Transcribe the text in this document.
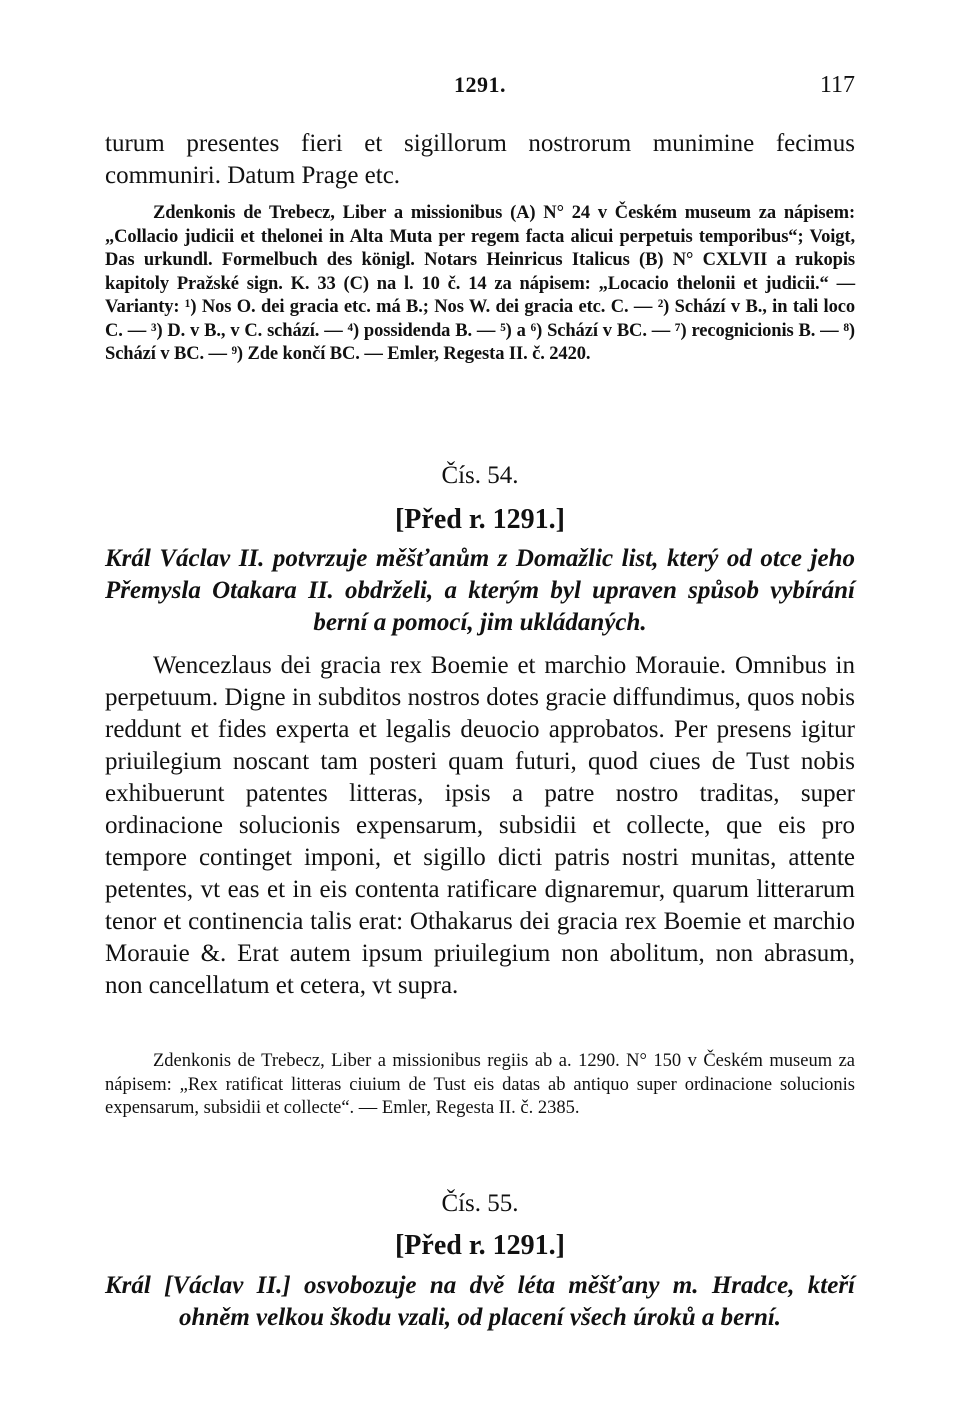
1291.	117

turum presentes fieri et sigillorum nostrorum munimine fecimus communiri. Datum Prage etc.

Zdenkonis de Trebecz, Liber a missionibus (A) N° 24 v Českém museum za nápisem: „Collacio judicii et thelonei in Alta Muta per regem facta alicui perpetuis temporibus“; Voigt, Das urkundl. Formelbuch des königl. Notars Heinricus Italicus (B) N° CXLVII a rukopis kapitoly Pražské sign. K. 33 (C) na l. 10 č. 14 za nápisem: „Locacio thelonii et judicii.“ — Varianty: ¹) Nos O. dei gracia etc. má B.; Nos W. dei gracia etc. C. — ²) Schází v B., in tali loco C. — ³) D. v B., v C. schází. — ⁴) possidenda B. — ⁵) a ⁶) Schází v BC. — ⁷) recognicionis B. — ⁸) Schází v BC. — ⁹) Zde končí BC. — Emler, Regesta II. č. 2420.

Čís. 54.

[Před r. 1291.]

Král Václav II. potvrzuje měšťanům z Domažlic list, který od otce jeho Přemysla Otakara II. obdrželi, a kterým byl upraven spůsob vybírání berní a pomocí, jim ukládaných.

Wencezlaus dei gracia rex Boemie et marchio Morauie. Omnibus in perpetuum. Digne in subditos nostros dotes gracie diffundimus, quos nobis reddunt et fides experta et legalis deuocio approbatos. Per presens igitur priuilegium noscant tam posteri quam futuri, quod ciues de Tust nobis exhibuerunt patentes litteras, ipsis a patre nostro traditas, super ordinacione solucionis expensarum, subsidii et collecte, que eis pro tempore continget imponi, et sigillo dicti patris nostri munitas, attente petentes, vt eas et in eis contenta ratificare dignaremur, quarum litterarum tenor et continencia talis erat: Othakarus dei gracia rex Boemie et marchio Morauie &. Erat autem ipsum priuilegium non abolitum, non abrasum, non cancellatum et cetera, vt supra.

Zdenkonis de Trebecz, Liber a missionibus regiis ab a. 1290. N° 150 v Českém museum za nápisem: „Rex ratificat litteras ciuium de Tust eis datas ab antiquo super ordinacione solucionis expensarum, subsidii et collecte“. — Emler, Regesta II. č. 2385.

Čís. 55.

[Před r. 1291.]

Král [Václav II.] osvobozuje na dvě léta měšťany m. Hradce, kteří ohněm velkou škodu vzali, od placení všech úroků a berní.
